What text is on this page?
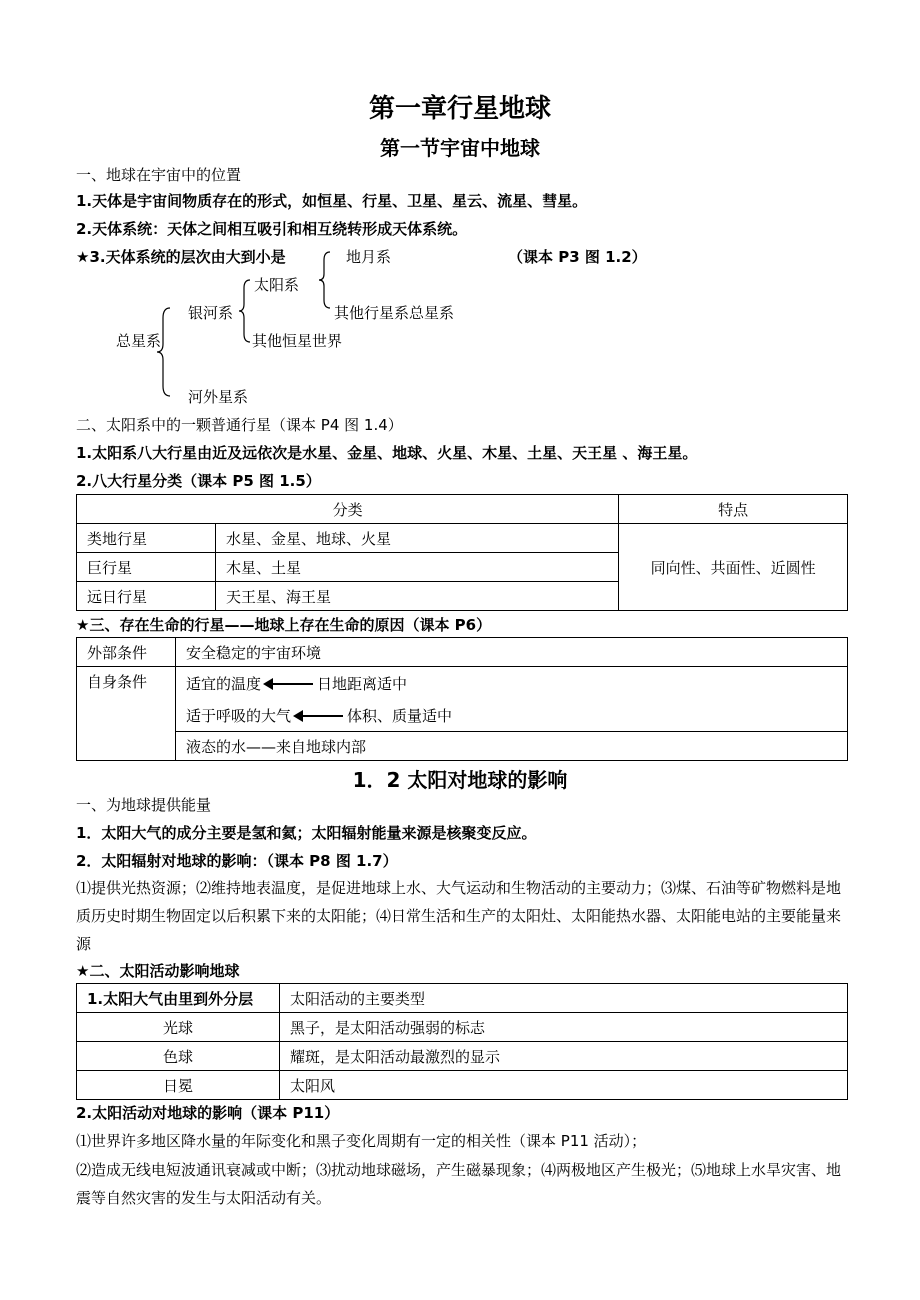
第一章行星地球
第一节宇宙中地球
一、地球在宇宙中的位置
1.天体是宇宙间物质存在的形式，如恒星、行星、卫星、星云、流星、彗星。
2.天体系统：天体之间相互吸引和相互绕转形成天体系统。
★3.天体系统的层次由大到小是	（课本 P3 图 1.2）
地月系
太阳系
其他行星系总星系
银河系
其他恒星世界
总星系
河外星系
二、太阳系中的一颗普通行星（课本 P4 图 1.4）
1.太阳系八大行星由近及远依次是水星、金星、地球、火星、木星、土星、天王星 、海王星。
2.八大行星分类（课本 P5 图 1.5）
分类		特点
类地行星	水星、金星、地球、火星	同向性、共面性、近圆性
巨行星	木星、土星	
远日行星	天王星、海王星	
★三、存在生命的行星——地球上存在生命的原因（课本 P6）
外部条件	安全稳定的宇宙环境
自身条件	适宜的温度 日地距离适中
	适于呼吸的大气 体积、质量适中
	液态的水——来自地球内部
1．2 太阳对地球的影响
一、为地球提供能量
1．太阳大气的成分主要是氢和氦；太阳辐射能量来源是核聚变反应。
2．太阳辐射对地球的影响：（课本 P8 图 1.7）
⑴提供光热资源；⑵维持地表温度，是促进地球上水、大气运动和生物活动的主要动力；⑶煤、石油等矿物燃料是地质历史时期生物固定以后积累下来的太阳能；⑷日常生活和生产的太阳灶、太阳能热水器、太阳能电站的主要能量来源
★二、太阳活动影响地球
1.太阳大气由里到外分层	太阳活动的主要类型
光球	黑子，是太阳活动强弱的标志
色球	耀斑，是太阳活动最激烈的显示
日冕	太阳风
2.太阳活动对地球的影响（课本 P11）
⑴世界许多地区降水量的年际变化和黑子变化周期有一定的相关性（课本 P11 活动）；
⑵造成无线电短波通讯衰减或中断；⑶扰动地球磁场，产生磁暴现象；⑷两极地区产生极光；⑸地球上水旱灾害、地震等自然灾害的发生与太阳活动有关。
